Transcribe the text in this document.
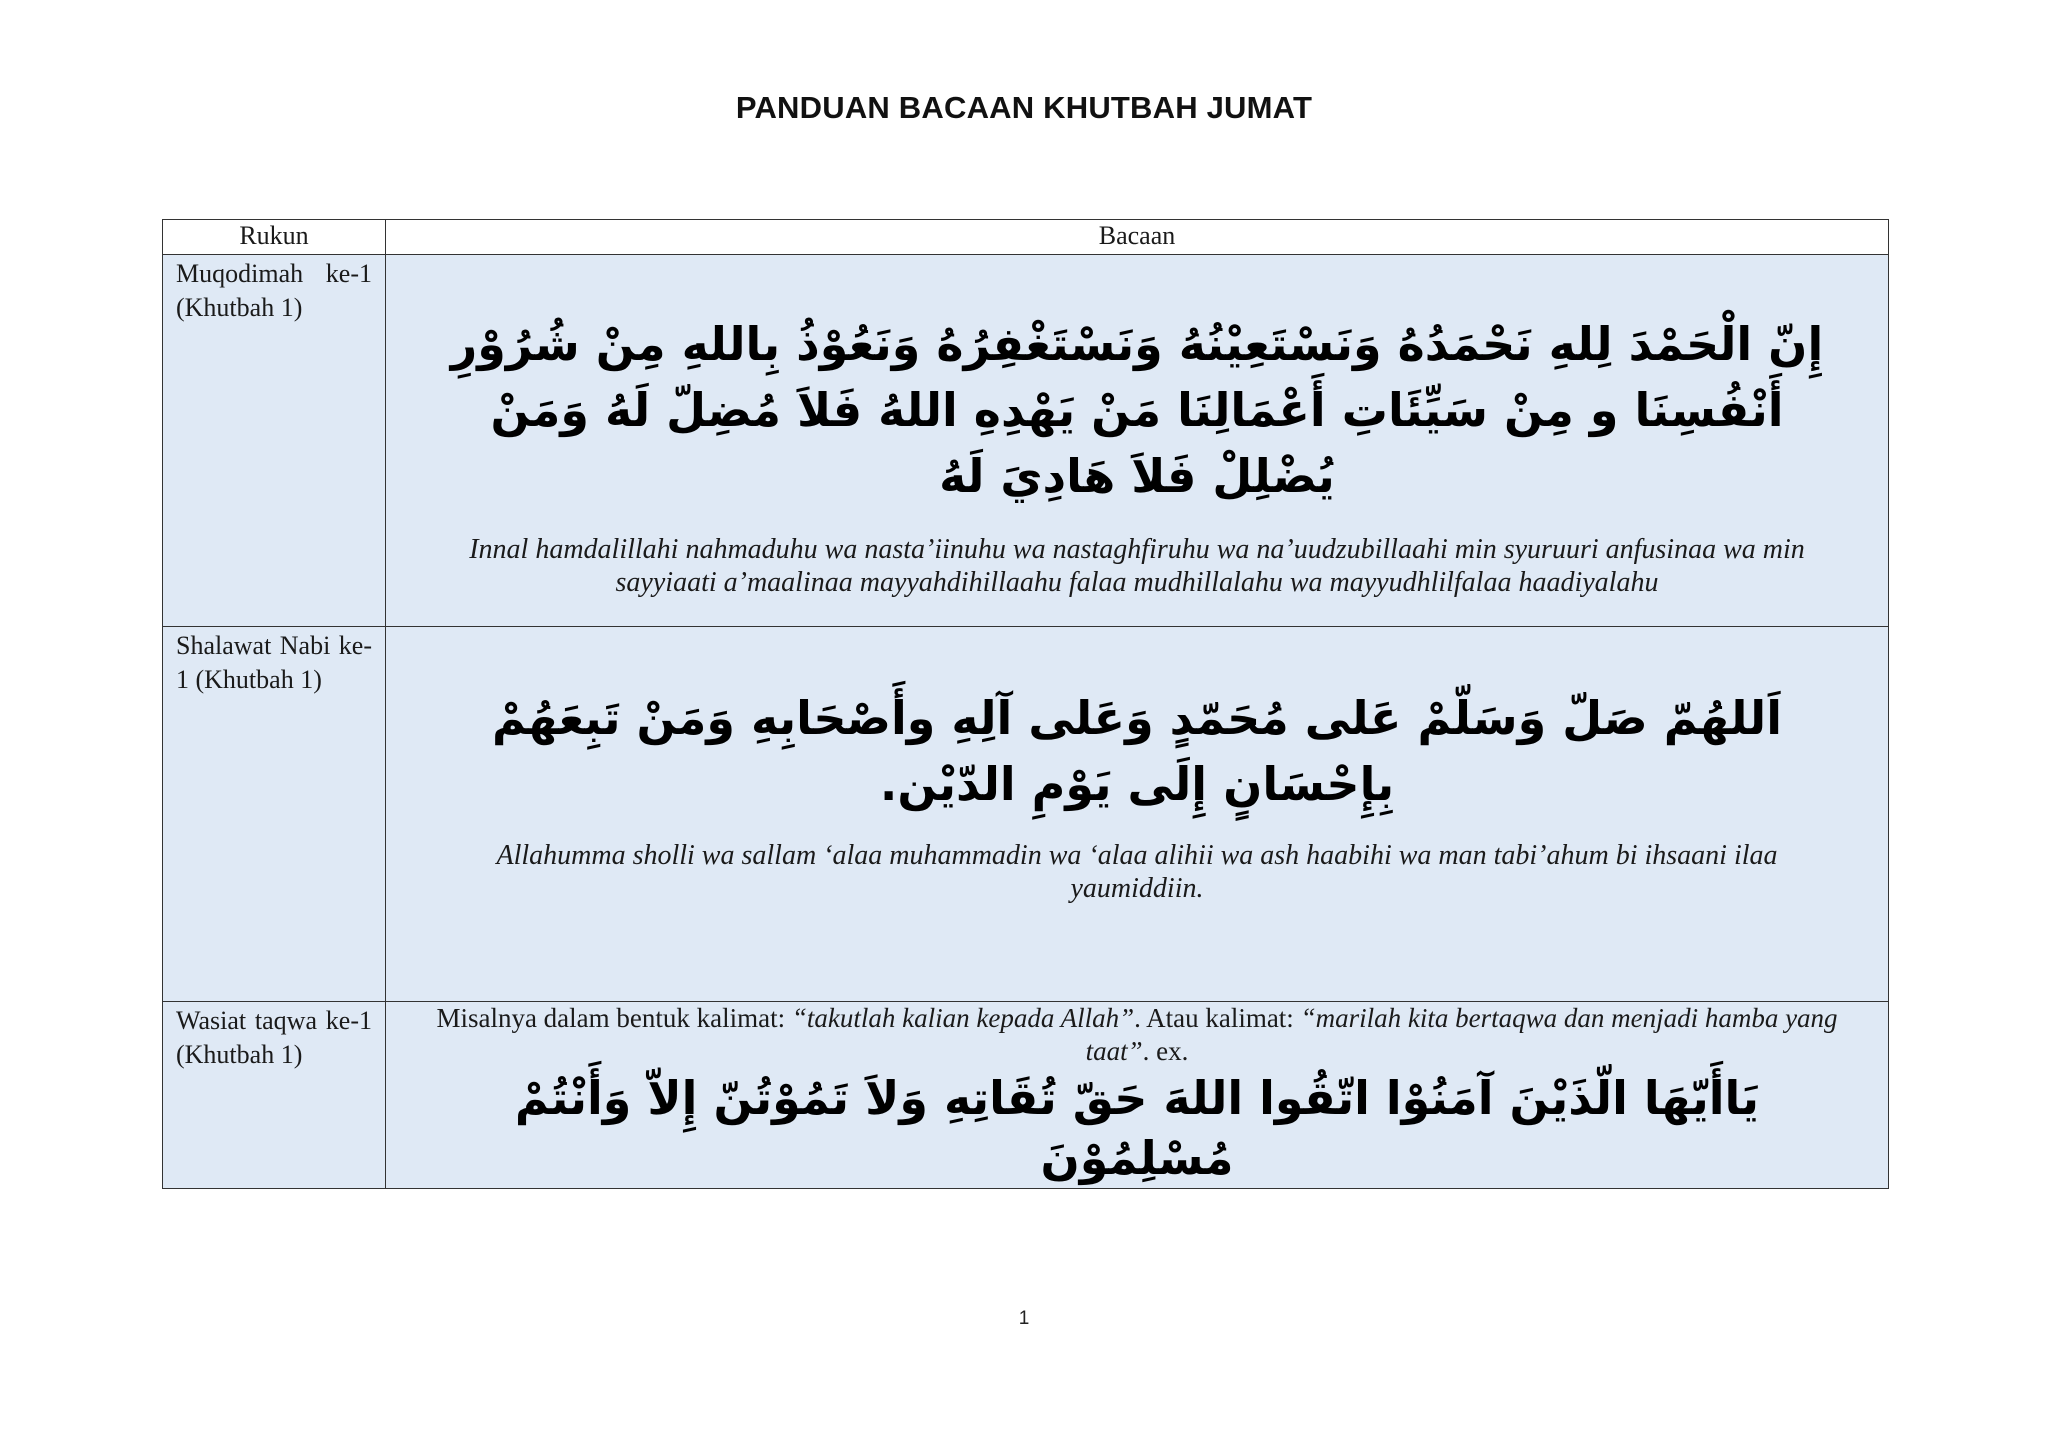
PANDUAN BACAAN KHUTBAH JUMAT
Rukun	Bacaan
Muqodimah ke-1 (Khutbah 1)	إِنّ الْحَمْدَ لِلهِ نَحْمَدُهُ وَنَسْتَعِيْنُهُ وَنَسْتَغْفِرُهُ وَنَعُوْذُ بِاللهِ مِنْ شُرُوْرِ أَنْفُسِنَا و مِنْ سَيِّئَاتِ أَعْمَالِنَا مَنْ يَهْدِهِ اللهُ فَلاَ مُضِلّ لَهُ وَمَنْ يُضْلِلْ فَلاَ هَادِيَ لَهُ
Innal hamdalillahi nahmaduhu wa nasta’iinuhu wa nastaghfiruhu wa na’uudzubillaahi min syuruuri anfusinaa wa min sayyiaati a’maalinaa mayyahdihillaahu falaa mudhillalahu wa mayyudhlilfalaa haadiyalahu

Shalawat Nabi ke-1 (Khutbah 1)	اَللهُمّ صَلّ وَسَلّمْ عَلى مُحَمّدٍ وَعَلى آلِهِ وأَصْحَابِهِ وَمَنْ تَبِعَهُمْ بِإِحْسَانٍ إِلَى يَوْمِ الدّيْن.
Allahumma sholli wa sallam ‘alaa muhammadin wa ‘alaa alihii wa ash haabihi wa man tabi’ahum bi ihsaani ilaa yaumiddiin.

Wasiat taqwa ke-1 (Khutbah 1)	Misalnya dalam bentuk kalimat: “takutlah kalian kepada Allah”. Atau kalimat: “marilah kita bertaqwa dan menjadi hamba yang taat”. ex.
يَاأَيّهَا الّذَيْنَ آمَنُوْا اتّقُوا اللهَ حَقّ تُقَاتِهِ وَلاَ تَمُوْتُنّ إِلاّ وَأَنْتُمْ مُسْلِمُوْنَ
1
